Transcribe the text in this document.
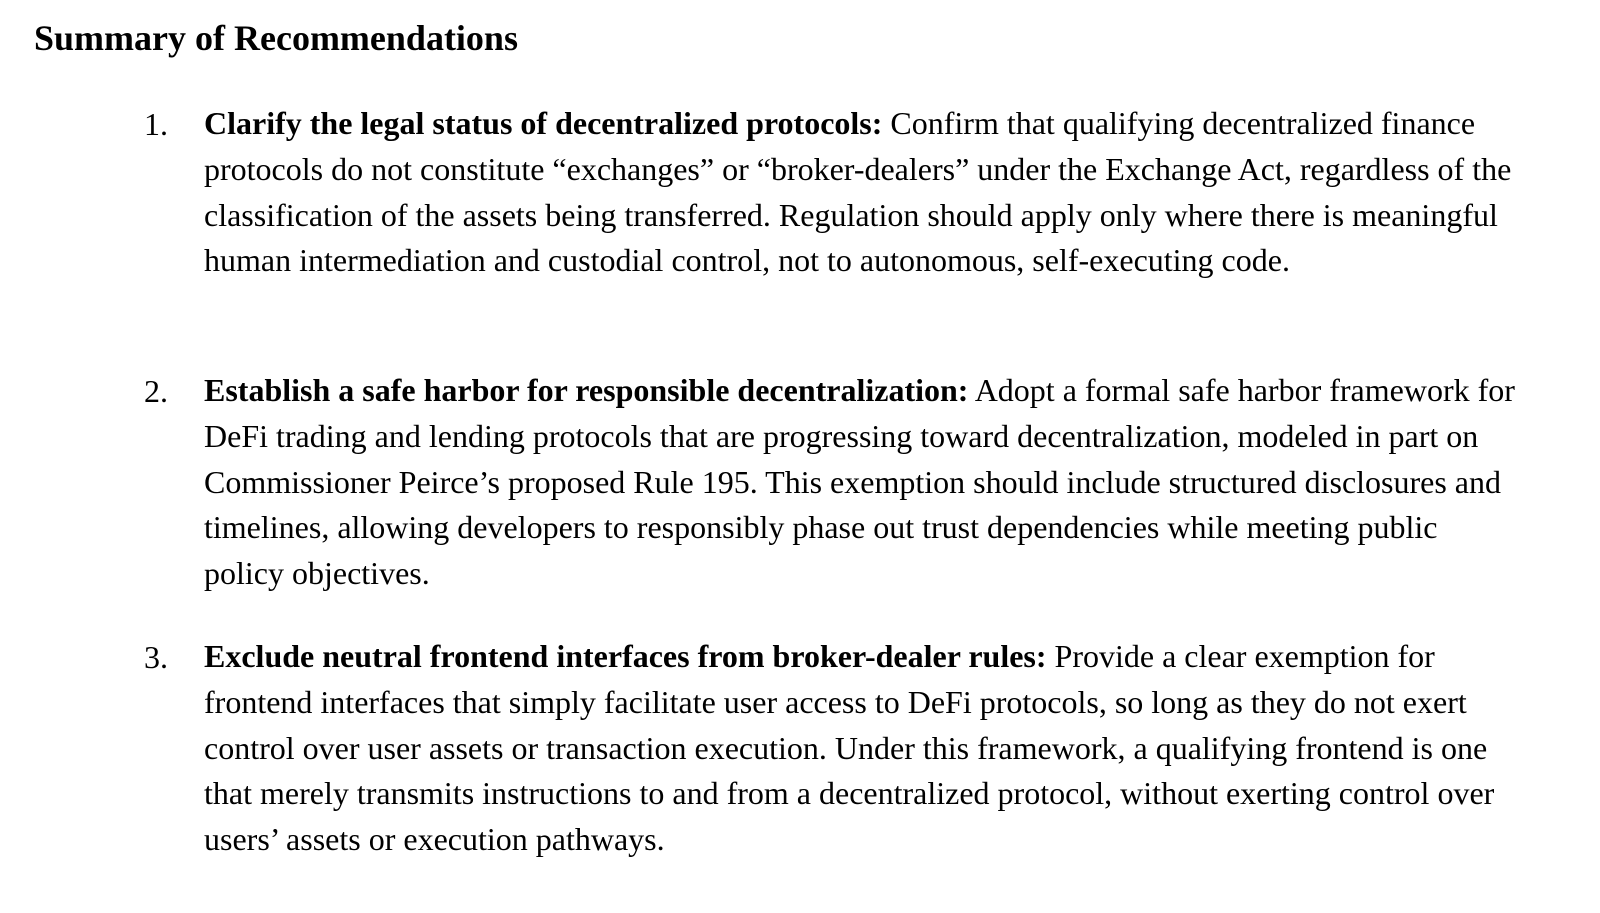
Summary of Recommendations
1. Clarify the legal status of decentralized protocols: Confirm that qualifying decentralized finance protocols do not constitute “exchanges” or “broker-dealers” under the Exchange Act, regardless of the classification of the assets being transferred. Regulation should apply only where there is meaningful human intermediation and custodial control, not to autonomous, self-executing code.
2. Establish a safe harbor for responsible decentralization: Adopt a formal safe harbor framework for DeFi trading and lending protocols that are progressing toward decentralization, modeled in part on Commissioner Peirce’s proposed Rule 195. This exemption should include structured disclosures and timelines, allowing developers to responsibly phase out trust dependencies while meeting public policy objectives.
3. Exclude neutral frontend interfaces from broker-dealer rules: Provide a clear exemption for frontend interfaces that simply facilitate user access to DeFi protocols, so long as they do not exert control over user assets or transaction execution. Under this framework, a qualifying frontend is one that merely transmits instructions to and from a decentralized protocol, without exerting control over users’ assets or execution pathways.
